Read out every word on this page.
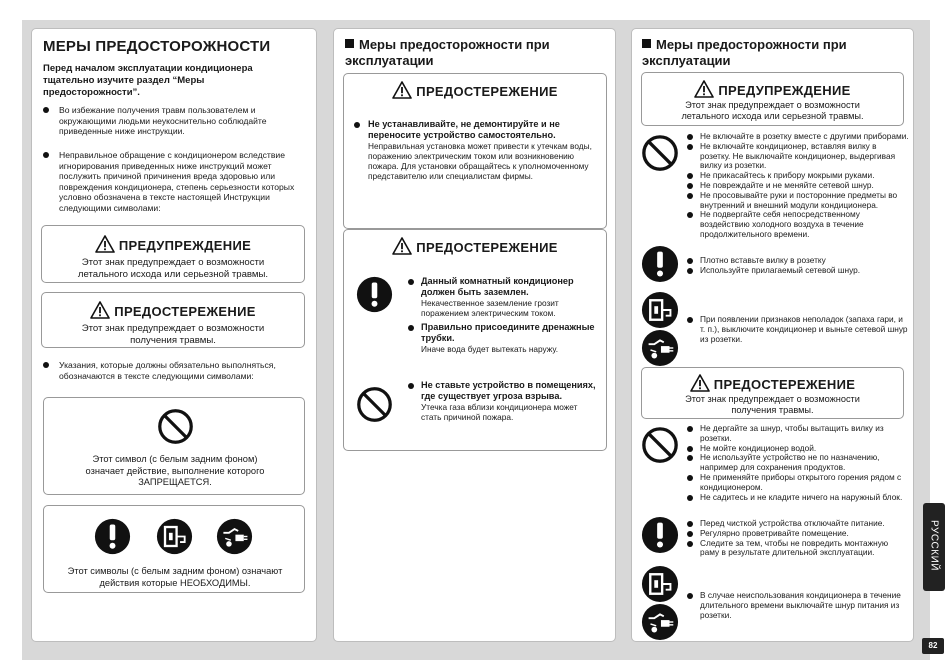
МЕРЫ ПРЕДОСТОРОЖНОСТИ
Перед началом эксплуатации кондиционера тщательно изучите раздел “Меры предосторожности”.
Во избежание получения травм пользователем и окружающими людьми неукоснительно соблюдайте приведенные ниже инструкции.
Неправильное обращение с кондиционером вследствие игнорирования приведенных ниже инструкций может послужить причиной причинения вреда здоровью или повреждения кондиционера, степень серьезности которых условно обозначена в тексте настоящей Инструкции следующими символами:
ПРЕДУПРЕЖДЕНИЕ
Этот знак предупреждает о возможности летального исхода или серьезной травмы.
ПРЕДОСТЕРЕЖЕНИЕ
Этот знак предупреждает о возможности получения травмы.
Указания, которые должны обязательно выполняться, обозначаются в тексте следующими символами:
Этот символ (с белым задним фоном) означает действие, выполнение которого ЗАПРЕЩАЕТСЯ.
Этот символы (с белым задним фоном) означают действия которые НЕОБХОДИМЫ.
Меры предосторожности при эксплуатации
ПРЕДОСТЕРЕЖЕНИЕ
Не устанавливайте, не демонтируйте и не переносите устройство самостоятельно.
Неправильная установка может привести к утечкам воды, поражению электрическим током или возникновению пожара. Для установки обращайтесь к уполномоченному представителю или специалистам фирмы.
ПРЕДОСТЕРЕЖЕНИЕ
Данный комнатный кондиционер должен быть заземлен.
Некачественное заземление грозит поражением электрическим током.
Правильно присоедините дренажные трубки.
Иначе вода будет вытекать наружу.
Не ставьте устройство в помещениях, где существует угроза взрыва.
Утечка газа вблизи кондиционера может стать причиной пожара.
Меры предосторожности при эксплуатации
ПРЕДУПРЕЖДЕНИЕ
Этот знак предупреждает о возможности летального исхода или серьезной травмы.
Не включайте в розетку вместе с другими приборами.
Не включайте кондиционер, вставляя вилку в розетку. Не выключайте кондиционер, выдергивая вилку из розетки.
Не прикасайтесь к прибору мокрыми руками.
Не повреждайте и не меняйте сетевой шнур.
Не просовывайте руки и посторонние предметы во внутренний и внешний модули кондиционера.
Не подвергайте себя непосредственному воздействию холодного воздуха в течение продолжительного времени.
Плотно вставьте вилку в розетку
Используйте прилагаемый сетевой шнур.
При появлении признаков неполадок (запаха гари, и т. п.), выключите кондиционер и выньте сетевой шнур из розетки.
ПРЕДОСТЕРЕЖЕНИЕ
Этот знак предупреждает о возможности получения травмы.
Не дергайте за шнур, чтобы вытащить вилку из розетки.
Не мойте кондиционер водой.
Не используйте устройство не по назначению, например для сохранения продуктов.
Не применяйте приборы открытого горения рядом с кондиционером.
Не садитесь и не кладите ничего на наружный блок.
Перед чисткой устройства отключайте питание.
Регулярно проветривайте помещение.
Следите за тем, чтобы не повредить монтажную раму в результате длительной эксплуатации.
В случае неиспользования кондиционера в течение длительного времени выключайте шнур питания из розетки.
РУССКИЙ
82
